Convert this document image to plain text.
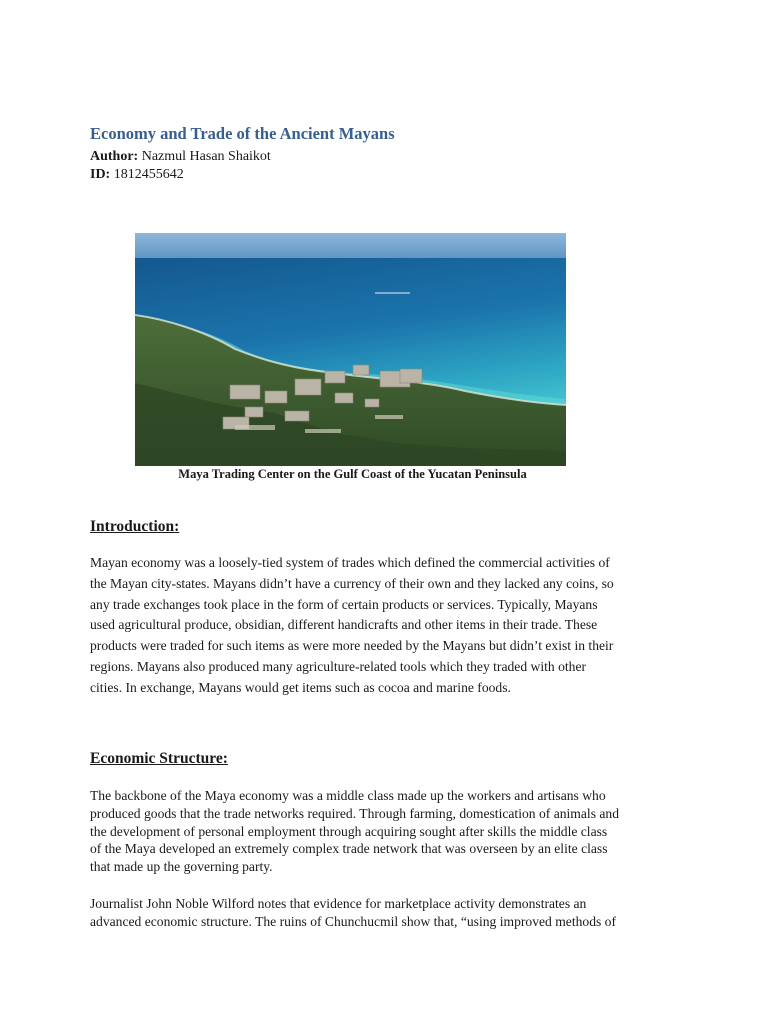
Economy and Trade of the Ancient Mayans
Author: Nazmul Hasan Shaikot
ID: 1812455642
Maya Trading Center on the Gulf Coast of the Yucatan Peninsula
Introduction:

Mayan economy was a loosely-tied system of trades which defined the commercial activities of
the Mayan city-states. Mayans didn’t have a currency of their own and they lacked any coins, so
any trade exchanges took place in the form of certain products or services. Typically, Mayans
used agricultural produce, obsidian, different handicrafts and other items in their trade. These
products were traded for such items as were more needed by the Mayans but didn’t exist in their
regions. Mayans also produced many agriculture-related tools which they traded with other
cities. In exchange, Mayans would get items such as cocoa and marine foods.

Economic Structure:

The backbone of the Maya economy was a middle class made up the workers and artisans who
produced goods that the trade networks required. Through farming, domestication of animals and
the development of personal employment through acquiring sought after skills the middle class
of the Maya developed an extremely complex trade network that was overseen by an elite class
that made up the governing party.

Journalist John Noble Wilford notes that evidence for marketplace activity demonstrates an
advanced economic structure. The ruins of Chunchucmil show that, “using improved methods of
